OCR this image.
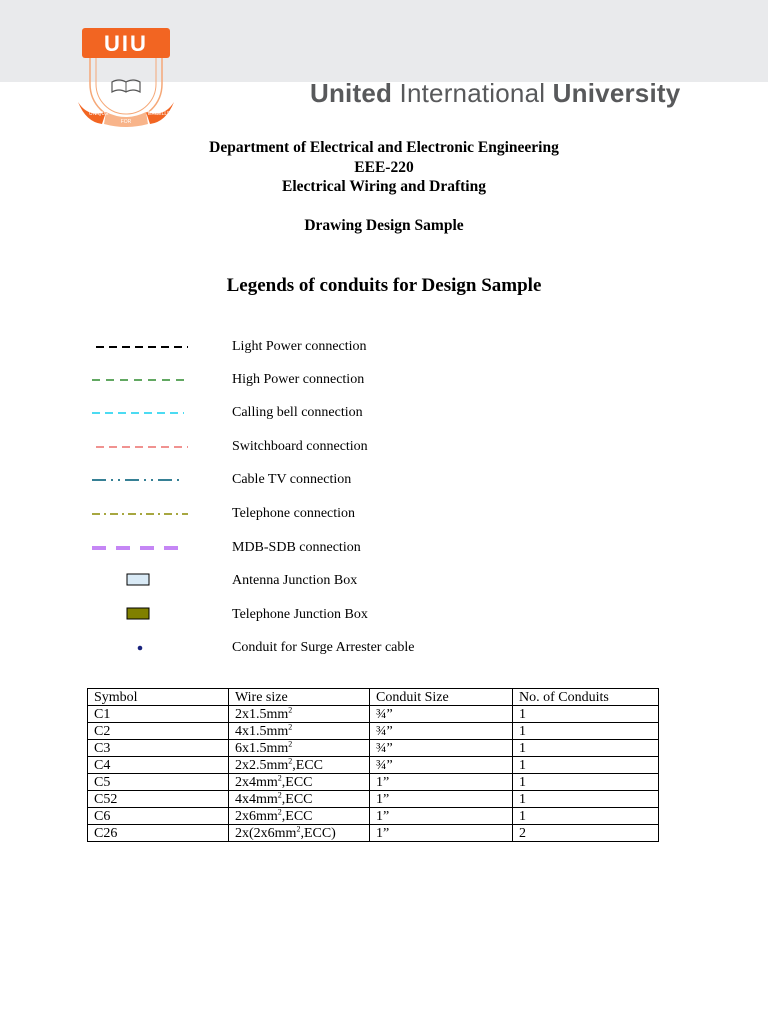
UIU
UNIQUE
FOR
EXCELLENCE
United International University
Department of Electrical and Electronic Engineering
EEE-220
Electrical Wiring and Drafting
Drawing Design Sample
Legends of conduits for Design Sample
Light Power connection
High Power connection
Calling bell connection
Switchboard connection
Cable TV connection
Telephone connection
MDB-SDB connection
Antenna Junction Box
Telephone Junction Box
Conduit for Surge Arrester cable
Symbol	Wire size	Conduit Size	No. of Conduits
C1	$2x1.5mm^2$	¾”	1
C2	$4x1.5mm^2$	¾”	1
C3	$6x1.5mm^2$	¾”	1
C4	$2x2.5mm^2,ECC$	¾”	1
C5	$2x4mm^2,ECC$	1”	1
C52	$4x4mm^2,ECC$	1”	1
C6	$2x6mm^2,ECC$	1”	1
C26	$2x(2x6mm^2,ECC)$	1”	2
